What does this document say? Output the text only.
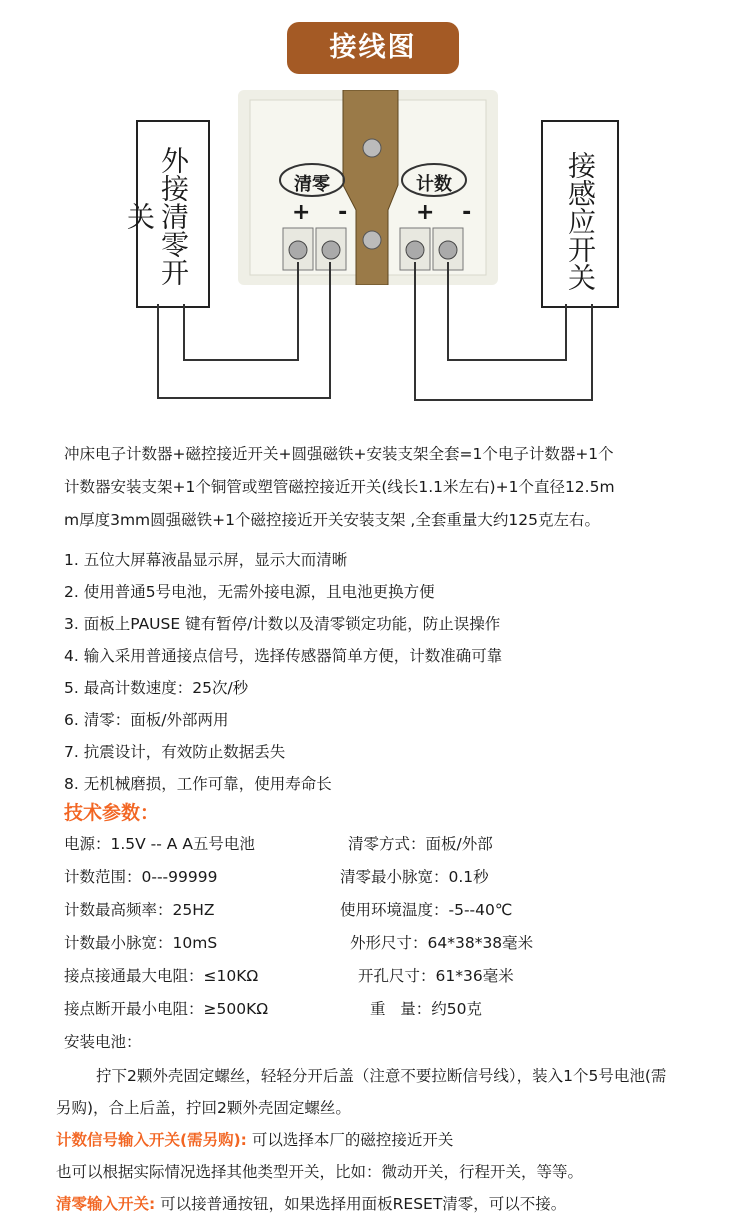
接线图
外接清零开关	接感应开关
清零	计数
+ -	+ -
冲床电子计数器+磁控接近开关+圆强磁铁+安装支架全套=1个电子计数器+1个
计数器安装支架+1个铜管或塑管磁控接近开关(线长1.1米左右)+1个直径12.5m
m厚度3mm圆强磁铁+1个磁控接近开关安装支架 ,全套重量大约125克左右。
1. 五位大屏幕液晶显示屏，显示大而清晰
2. 使用普通5号电池，无需外接电源，且电池更换方便
3. 面板上PAUSE 键有暂停/计数以及清零锁定功能，防止误操作
4. 输入采用普通接点信号，选择传感器简单方便，计数准确可靠
5. 最高计数速度：25次/秒
6. 清零：面板/外部两用
7. 抗震设计，有效防止数据丢失
8. 无机械磨损，工作可靠，使用寿命长
技术参数：
电源：1.5V -- A A五号电池	清零方式：面板/外部
计数范围：0---99999	清零最小脉宽：0.1秒
计数最高频率：25HZ	使用环境温度：-5--40℃
计数最小脉宽：10mS	外形尺寸：64*38*38毫米
接点接通最大电阻：≤10KΩ	开孔尺寸：61*36毫米
接点断开最小电阻：≥500KΩ	重   量：约50克
安装电池：
拧下2颗外壳固定螺丝，轻轻分开后盖（注意不要拉断信号线），装入1个5号电池(需
另购)，合上后盖，拧回2颗外壳固定螺丝。
计数信号输入开关(需另购): 可以选择本厂的磁控接近开关
也可以根据实际情况选择其他类型开关，比如：微动开关，行程开关，等等。
清零输入开关: 可以接普通按钮，如果选择用面板RESET清零，可以不接。
